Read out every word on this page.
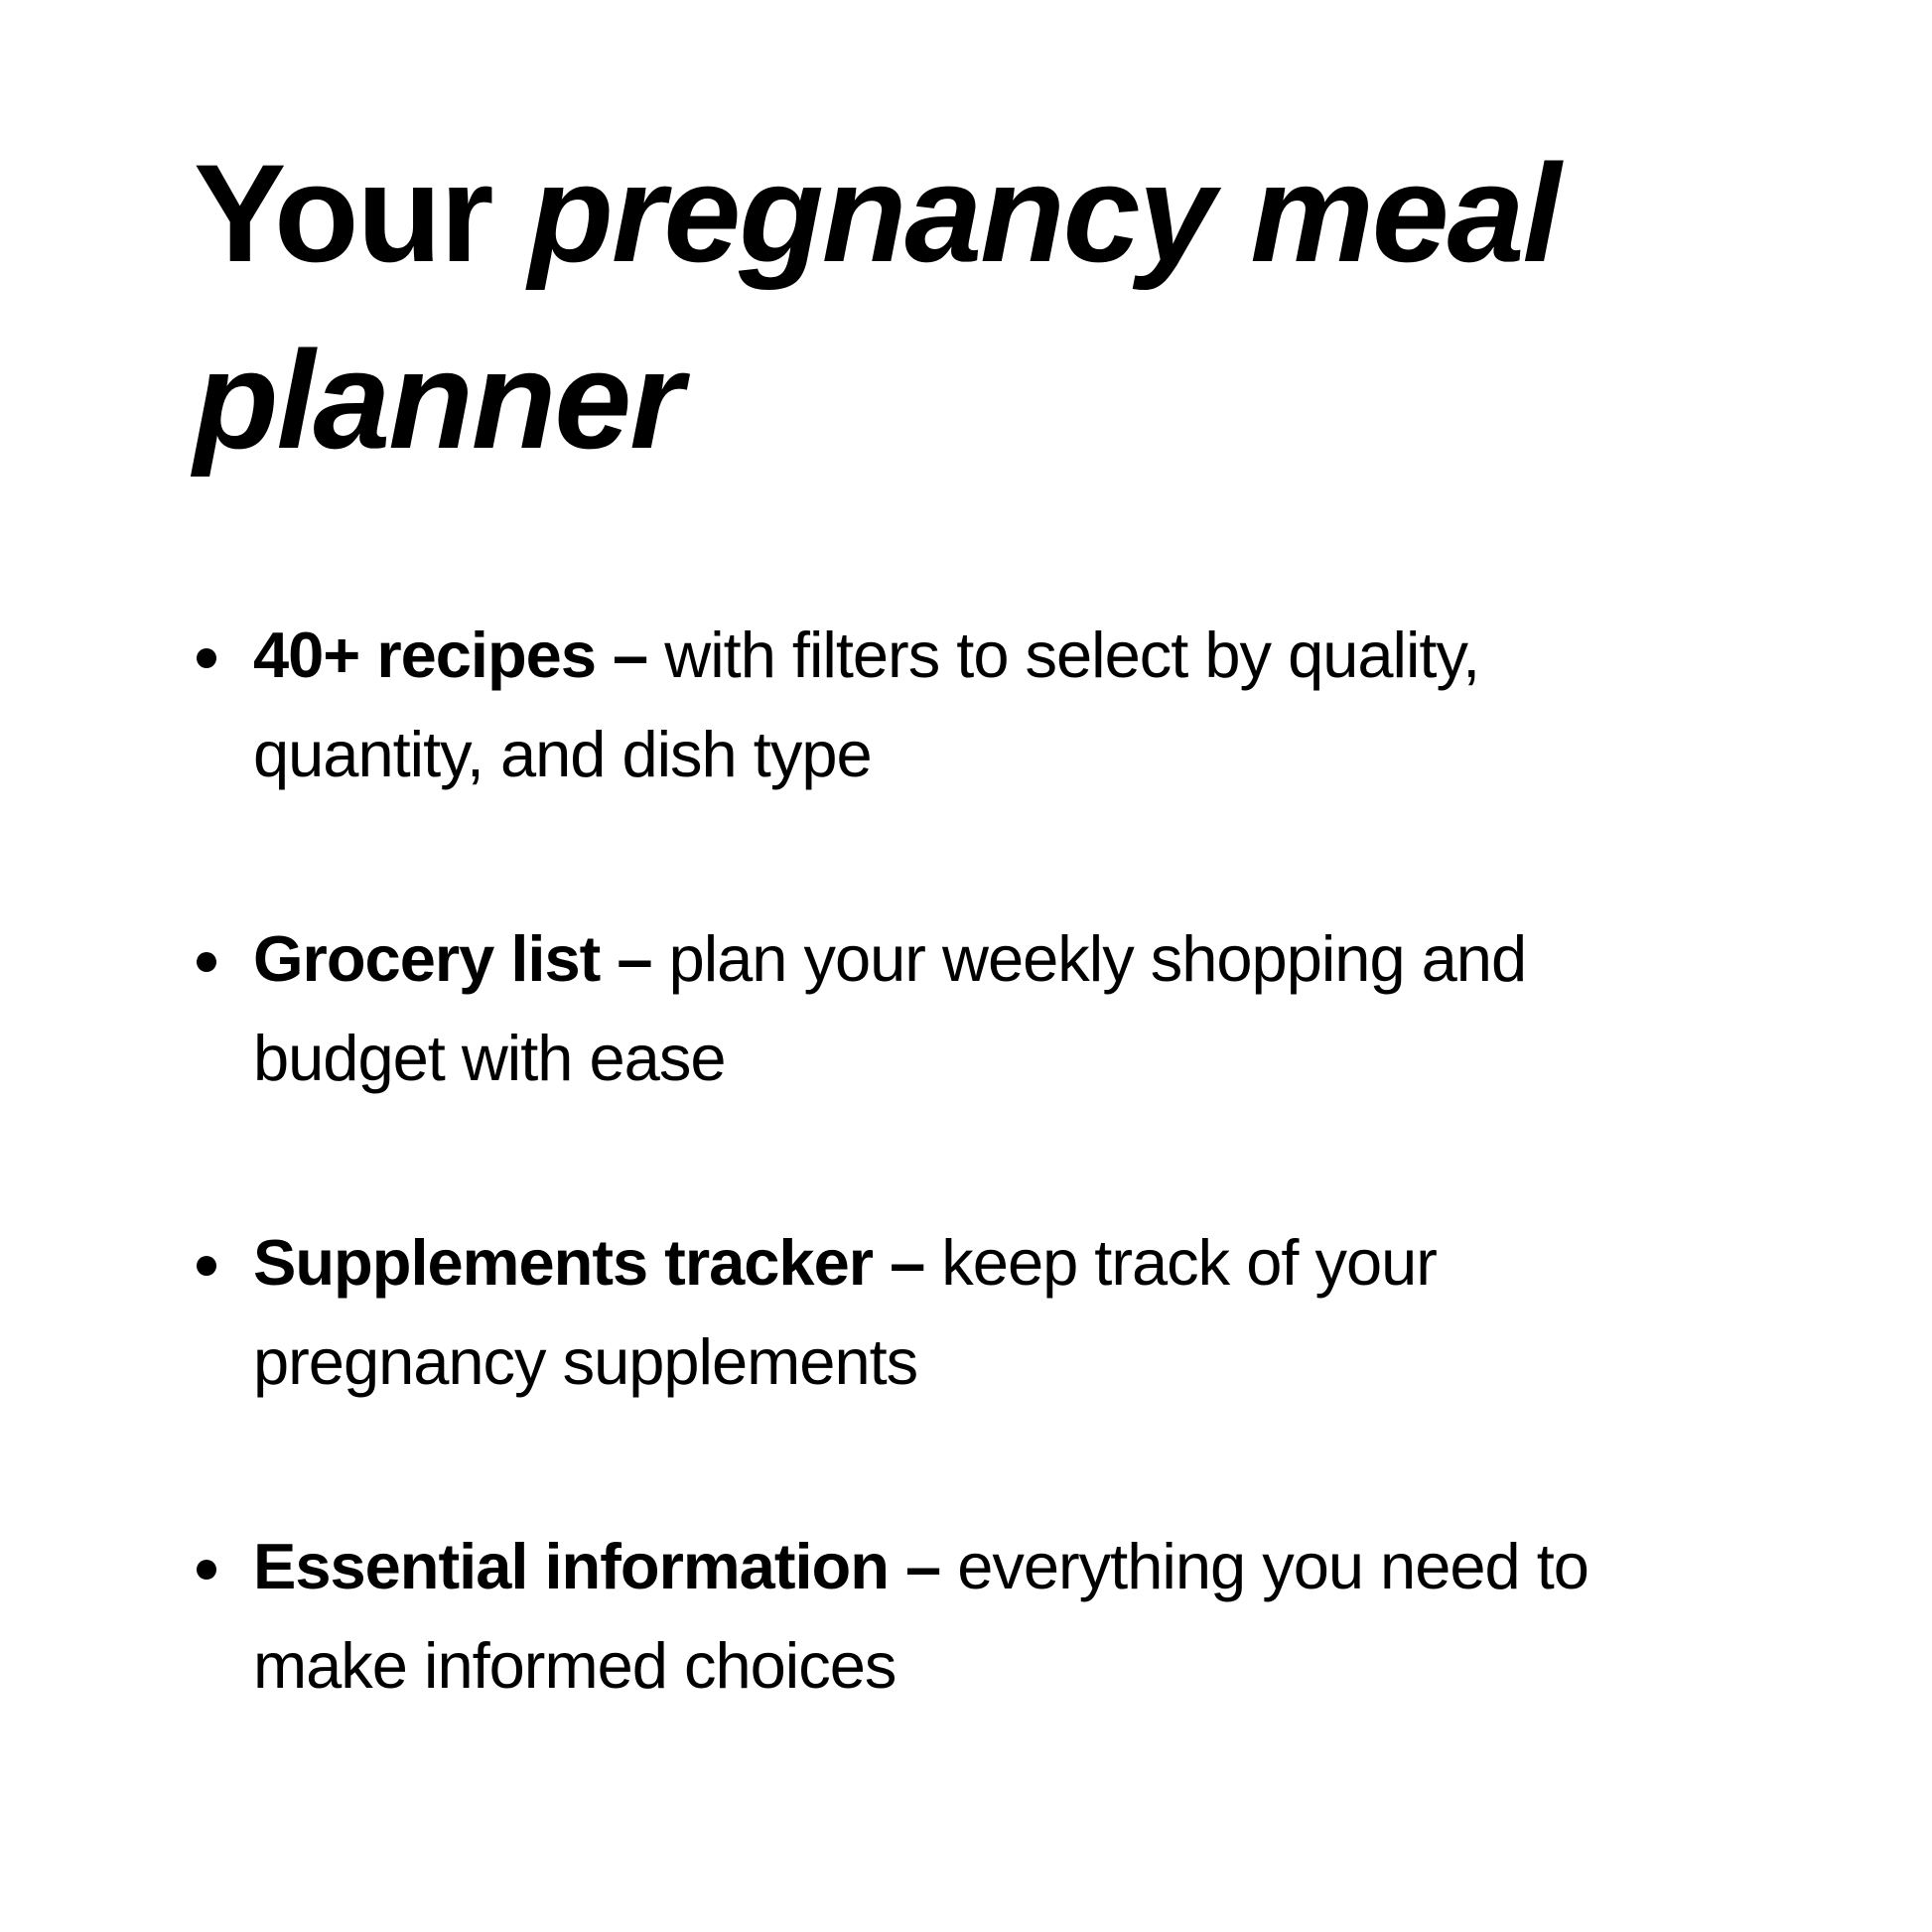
Your pregnancy meal
planner

40+ recipes – with filters to select by quality,
quantity, and dish type

Grocery list – plan your weekly shopping and
budget with ease

Supplements tracker – keep track of your
pregnancy supplements

Essential information – everything you need to
make informed choices
